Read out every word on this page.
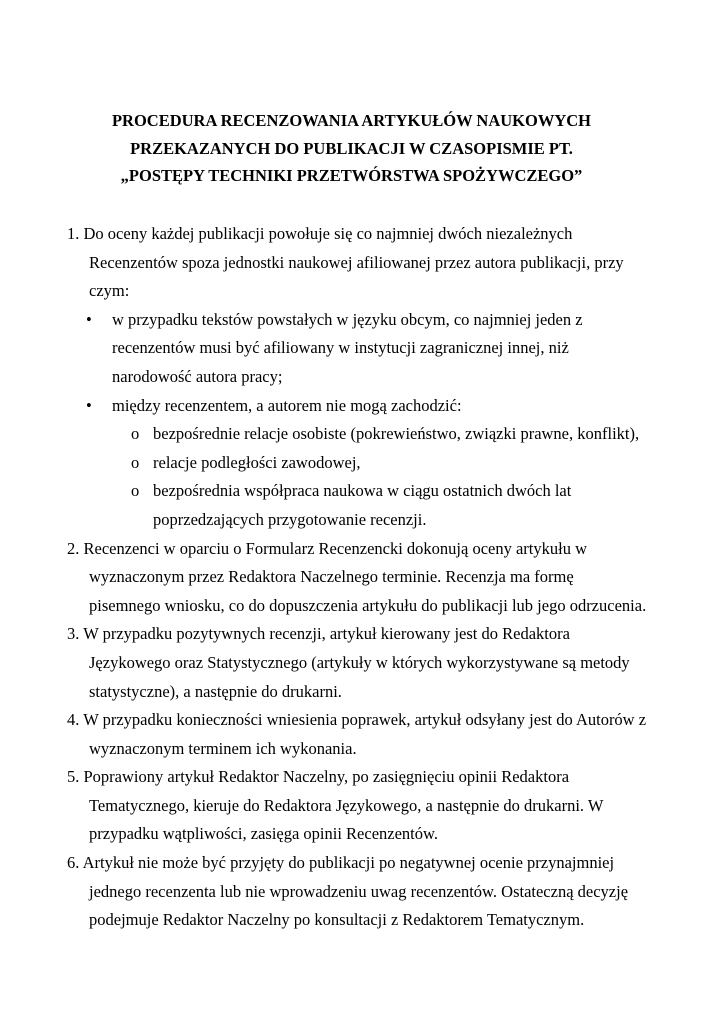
PROCEDURA RECENZOWANIA ARTYKUŁÓW NAUKOWYCH
PRZEKAZANYCH DO PUBLIKACJI W CZASOPISMIE PT.
„POSTĘPY TECHNIKI PRZETWÓRSTWA SPOŻYWCZEGO”
1. Do oceny każdej publikacji powołuje się co najmniej dwóch niezależnych
Recenzentów spoza jednostki naukowej afiliowanej przez autora publikacji, przy
czym:
• w przypadku tekstów powstałych w języku obcym, co najmniej jeden z
recenzentów musi być afiliowany w instytucji zagranicznej innej, niż
narodowość autora pracy;
• między recenzentem, a autorem nie mogą zachodzić:
o bezpośrednie relacje osobiste (pokrewieństwo, związki prawne, konflikt),
o relacje podległości zawodowej,
o bezpośrednia współpraca naukowa w ciągu ostatnich dwóch lat
poprzedzających przygotowanie recenzji.
2. Recenzenci w oparciu o Formularz Recenzencki dokonują oceny artykułu w
wyznaczonym przez Redaktora Naczelnego terminie. Recenzja ma formę
pisemnego wniosku, co do dopuszczenia artykułu do publikacji lub jego odrzucenia.
3. W przypadku pozytywnych recenzji, artykuł kierowany jest do Redaktora
Językowego oraz Statystycznego (artykuły w których wykorzystywane są metody
statystyczne), a następnie do drukarni.
4. W przypadku konieczności wniesienia poprawek, artykuł odsyłany jest do Autorów z
wyznaczonym terminem ich wykonania.
5. Poprawiony artykuł Redaktor Naczelny, po zasięgnięciu opinii Redaktora
Tematycznego, kieruje do Redaktora Językowego, a następnie do drukarni. W
przypadku wątpliwości, zasięga opinii Recenzentów.
6. Artykuł nie może być przyjęty do publikacji po negatywnej ocenie przynajmniej
jednego recenzenta lub nie wprowadzeniu uwag recenzentów. Ostateczną decyzję
podejmuje Redaktor Naczelny po konsultacji z Redaktorem Tematycznym.
